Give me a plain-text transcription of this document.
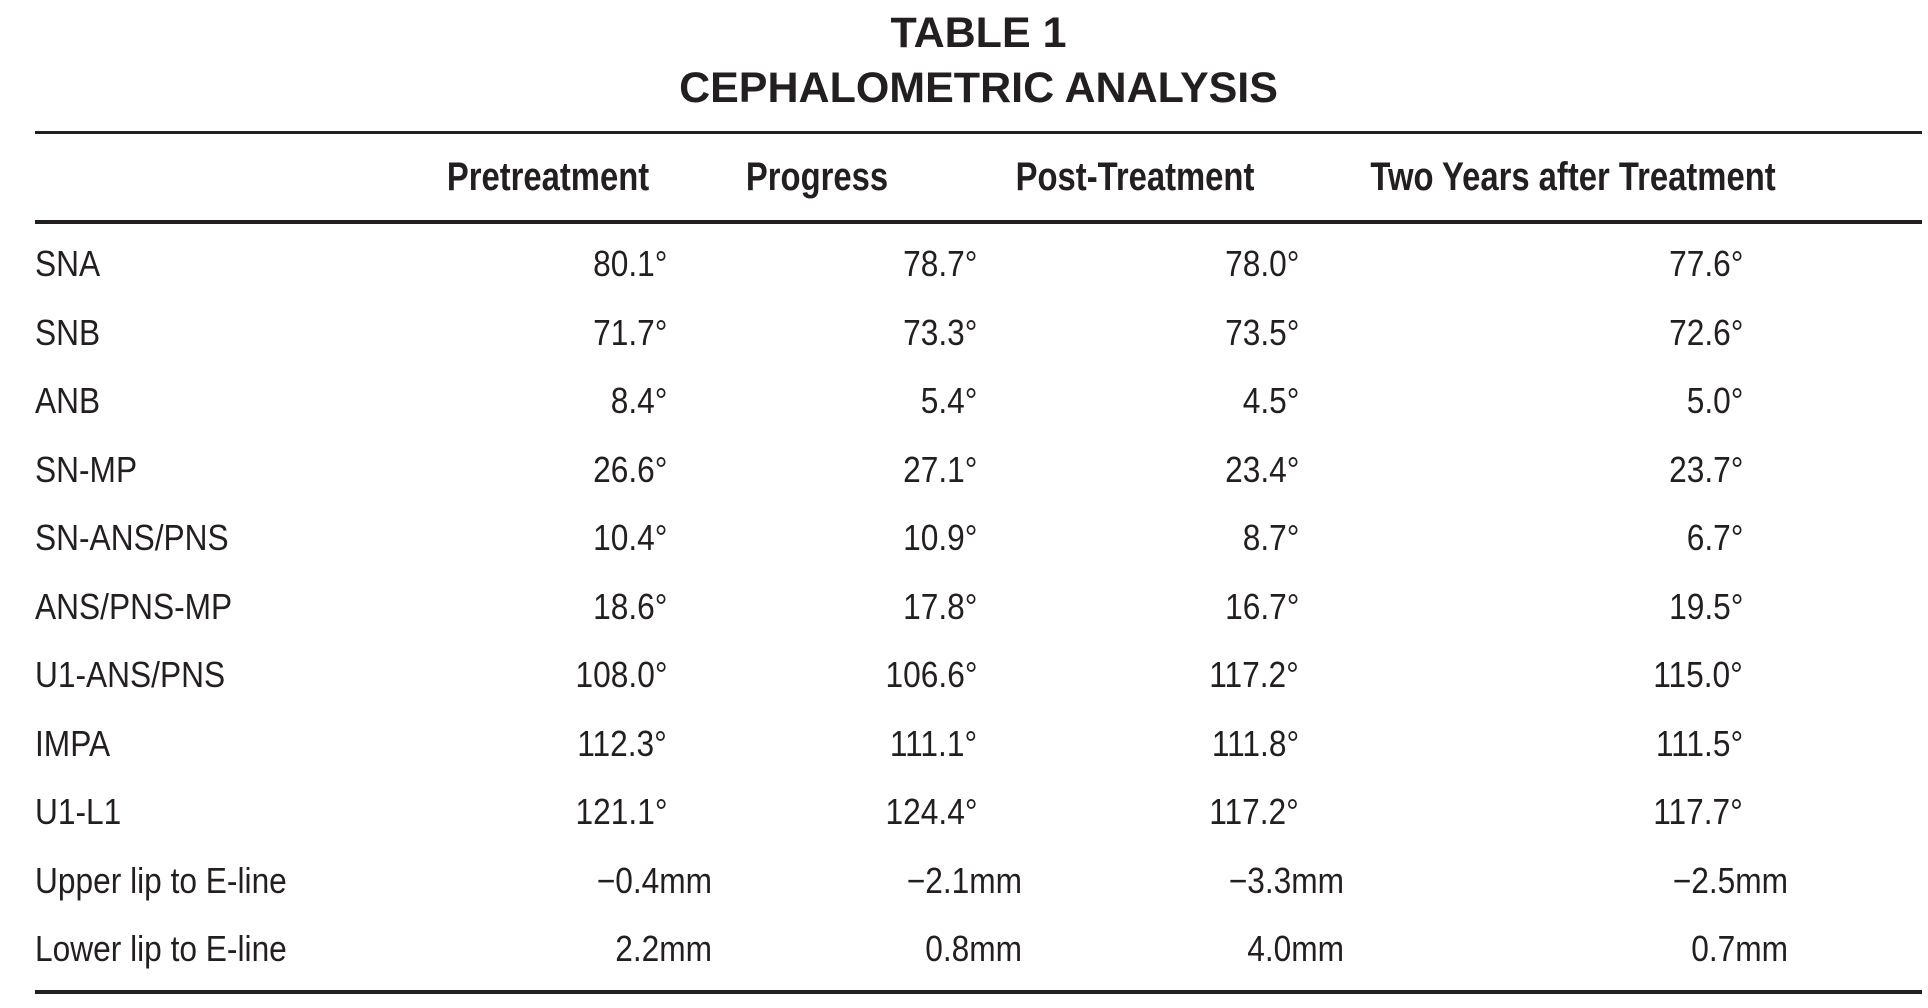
TABLE 1
CEPHALOMETRIC ANALYSIS
Pretreatment	Progress	Post-Treatment	Two Years after Treatment
SNA	80.1°	78.7°	78.0°	77.6°
SNB	71.7°	73.3°	73.5°	72.6°
ANB	8.4°	5.4°	4.5°	5.0°
SN-MP	26.6°	27.1°	23.4°	23.7°
SN-ANS/PNS	10.4°	10.9°	8.7°	6.7°
ANS/PNS-MP	18.6°	17.8°	16.7°	19.5°
U1-ANS/PNS	108.0°	106.6°	117.2°	115.0°
IMPA	112.3°	111.1°	111.8°	111.5°
U1-L1	121.1°	124.4°	117.2°	117.7°
Upper lip to E-line	−0.4mm	−2.1mm	−3.3mm	−2.5mm
Lower lip to E-line	2.2mm	0.8mm	4.0mm	0.7mm
